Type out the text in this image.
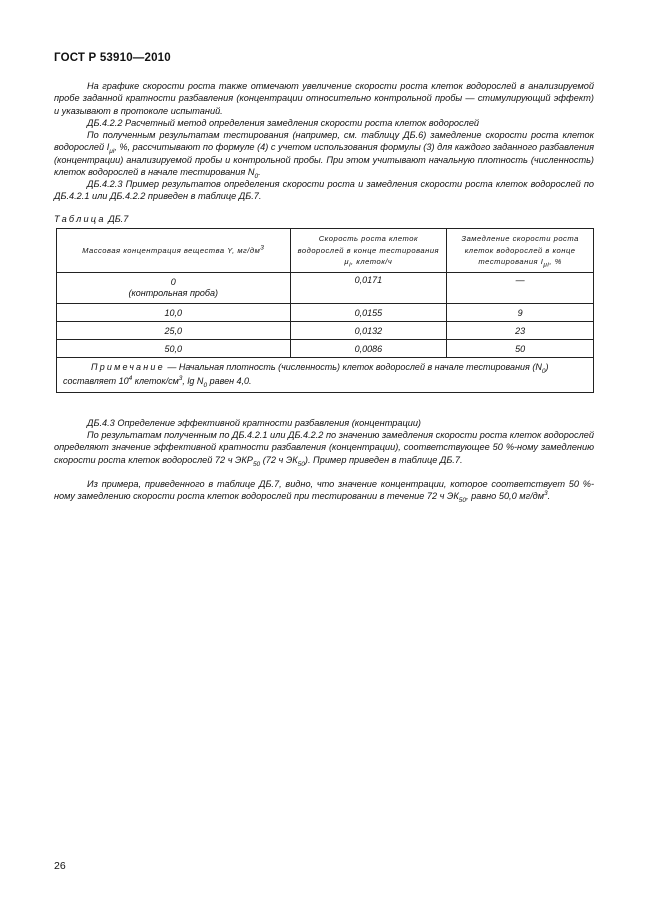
ГОСТ Р 53910—2010

На графике скорости роста также отмечают увеличение скорости роста клеток водорослей в анализируемой пробе заданной кратности разбавления (концентрации относительно контрольной пробы — стимулирующий эффект) и указывают в протоколе испытаний.

ДБ.4.2.2 Расчетный метод определения замедления скорости роста клеток водорослей

По полученным результатам тестирования (например, см. таблицу ДБ.6) замедление скорости роста клеток водорослей $I_{\mu i}$, %, рассчитывают по формуле (4) с учетом использования формулы (3) для каждого заданного разбавления (концентрации) анализируемой пробы и контрольной пробы. При этом учитывают начальную плотность (численность) клеток водорослей в начале тестирования $N_0$.

ДБ.4.2.3 Пример результатов определения скорости роста и замедления скорости роста клеток водорослей по ДБ.4.2.1 или ДБ.4.2.2 приведен в таблице ДБ.7.

Таблица ДБ.7
Массовая концентрация вещества Y, $мг/дм^3$	Скорость роста клеток водорослей в конце тестирования $\mu_i$, клеток/ч	Замедление скорости роста клеток водорослей в конце тестирования $I_{\mu i}$, %
0
(контрольная проба)	0,0171	—
10,0	0,0155	9
25,0	0,0132	23
50,0	0,0086	50
Примечание — Начальная плотность (численность) клеток водорослей в начале тестирования $(N_0)$ составляет $10^4$ клеток/$см^3$, $\lg N_0$ равен 4,0.		

ДБ.4.3 Определение эффективной кратности разбавления (концентрации)

По результатам полученным по ДБ.4.2.1 или ДБ.4.2.2 по значению замедления скорости роста клеток водорослей определяют значение эффективной кратности разбавления (концентрации), соответствующее 50 %-ному замедлению скорости роста клеток водорослей 72 ч $ЭКР_{50}$ (72 ч $ЭК_{50}$). Пример приведен в таблице ДБ.7.

Из примера, приведенного в таблице ДБ.7, видно, что значение концентрации, которое соответствует 50 %-ному замедлению скорости роста клеток водорослей при тестировании в течение 72 ч $ЭК_{50}$, равно 50,0 $мг/дм^3$.

26
